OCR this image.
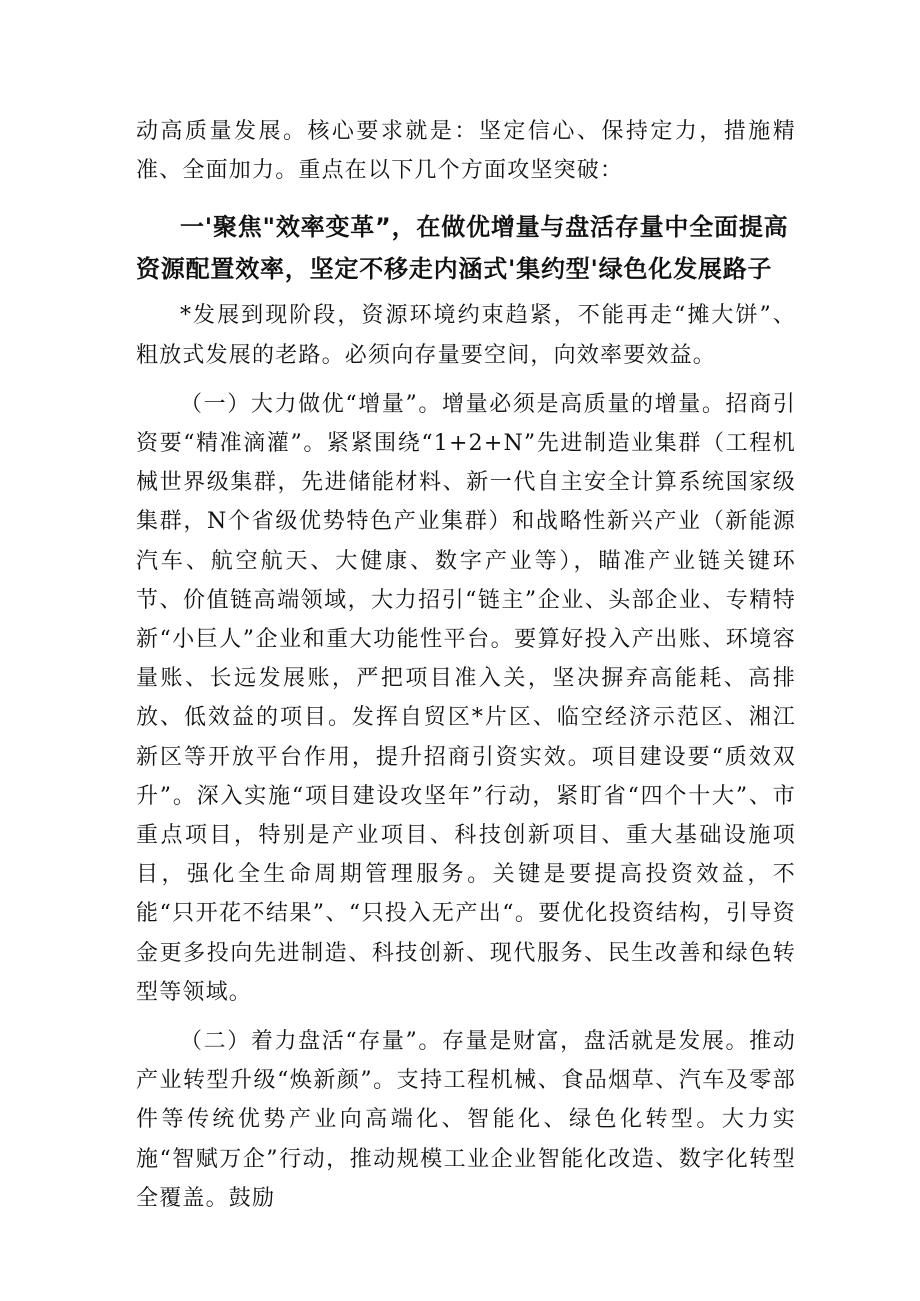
动高质量发展。核心要求就是：坚定信心、保持定力，措施精准、全面加力。重点在以下几个方面攻坚突破：

一'聚焦"效率变革”，在做优增量与盘活存量中全面提高资源配置效率，坚定不移走内涵式'集约型'绿色化发展路子

*发展到现阶段，资源环境约束趋紧，不能再走“摊大饼”、粗放式发展的老路。必须向存量要空间，向效率要效益。

（一）大力做优“增量”。增量必须是高质量的增量。招商引资要“精准滴灌”。紧紧围绕“1+2+N”先进制造业集群（工程机械世界级集群，先进储能材料、新一代自主安全计算系统国家级集群，N个省级优势特色产业集群）和战略性新兴产业（新能源汽车、航空航天、大健康、数字产业等），瞄准产业链关键环节、价值链高端领域，大力招引“链主”企业、头部企业、专精特新“小巨人”企业和重大功能性平台。要算好投入产出账、环境容量账、长远发展账，严把项目准入关，坚决摒弃高能耗、高排放、低效益的项目。发挥自贸区*片区、临空经济示范区、湘江新区等开放平台作用，提升招商引资实效。项目建设要“质效双升”。深入实施“项目建设攻坚年”行动，紧盯省“四个十大”、市重点项目，特别是产业项目、科技创新项目、重大基础设施项目，强化全生命周期管理服务。关键是要提高投资效益，不能“只开花不结果”、“只投入无产出“。要优化投资结构，引导资金更多投向先进制造、科技创新、现代服务、民生改善和绿色转型等领域。

（二）着力盘活“存量”。存量是财富，盘活就是发展。推动产业转型升级“焕新颜”。支持工程机械、食品烟草、汽车及零部件等传统优势产业向高端化、智能化、绿色化转型。大力实施“智赋万企”行动，推动规模工业企业智能化改造、数字化转型全覆盖。鼓励
